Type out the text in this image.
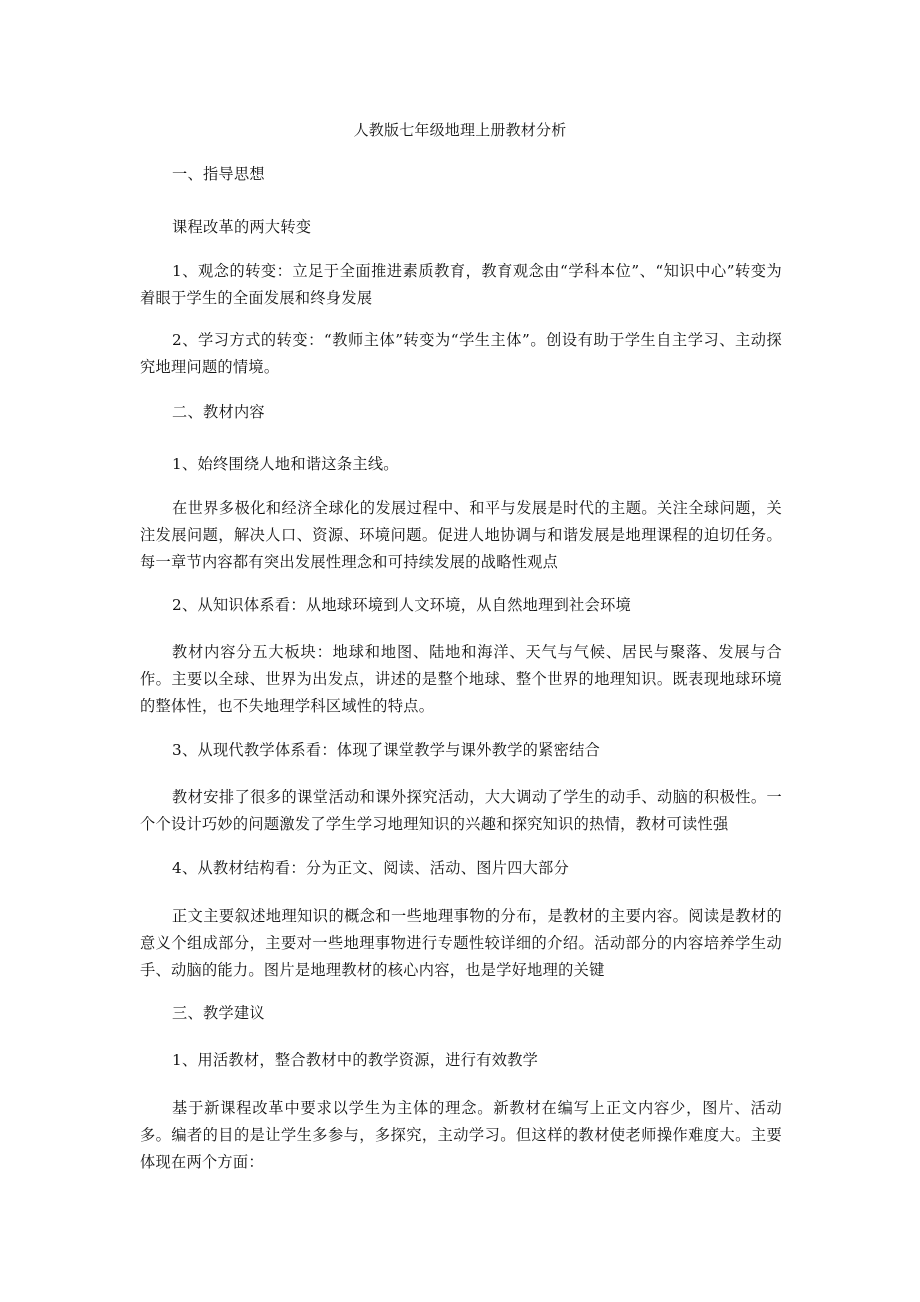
人教版七年级地理上册教材分析

一、指导思想

课程改革的两大转变

1、观念的转变：立足于全面推进素质教育，教育观念由“学科本位”、“知识中心”转变为着眼于学生的全面发展和终身发展

2、学习方式的转变：“教师主体”转变为“学生主体”。创设有助于学生自主学习、主动探究地理问题的情境。

二、教材内容

1、始终围绕人地和谐这条主线。

在世界多极化和经济全球化的发展过程中、和平与发展是时代的主题。关注全球问题，关注发展问题，解决人口、资源、环境问题。促进人地协调与和谐发展是地理课程的迫切任务。每一章节内容都有突出发展性理念和可持续发展的战略性观点

2、从知识体系看：从地球环境到人文环境，从自然地理到社会环境

教材内容分五大板块：地球和地图、陆地和海洋、天气与气候、居民与聚落、发展与合作。主要以全球、世界为出发点，讲述的是整个地球、整个世界的地理知识。既表现地球环境的整体性，也不失地理学科区域性的特点。

3、从现代教学体系看：体现了课堂教学与课外教学的紧密结合

教材安排了很多的课堂活动和课外探究活动，大大调动了学生的动手、动脑的积极性。一个个设计巧妙的问题激发了学生学习地理知识的兴趣和探究知识的热情，教材可读性强

4、从教材结构看：分为正文、阅读、活动、图片四大部分

正文主要叙述地理知识的概念和一些地理事物的分布，是教材的主要内容。阅读是教材的意义个组成部分，主要对一些地理事物进行专题性较详细的介绍。活动部分的内容培养学生动手、动脑的能力。图片是地理教材的核心内容，也是学好地理的关键

三、教学建议

1、用活教材，整合教材中的教学资源，进行有效教学

基于新课程改革中要求以学生为主体的理念。新教材在编写上正文内容少，图片、活动多。编者的目的是让学生多参与，多探究，主动学习。但这样的教材使老师操作难度大。主要体现在两个方面：
